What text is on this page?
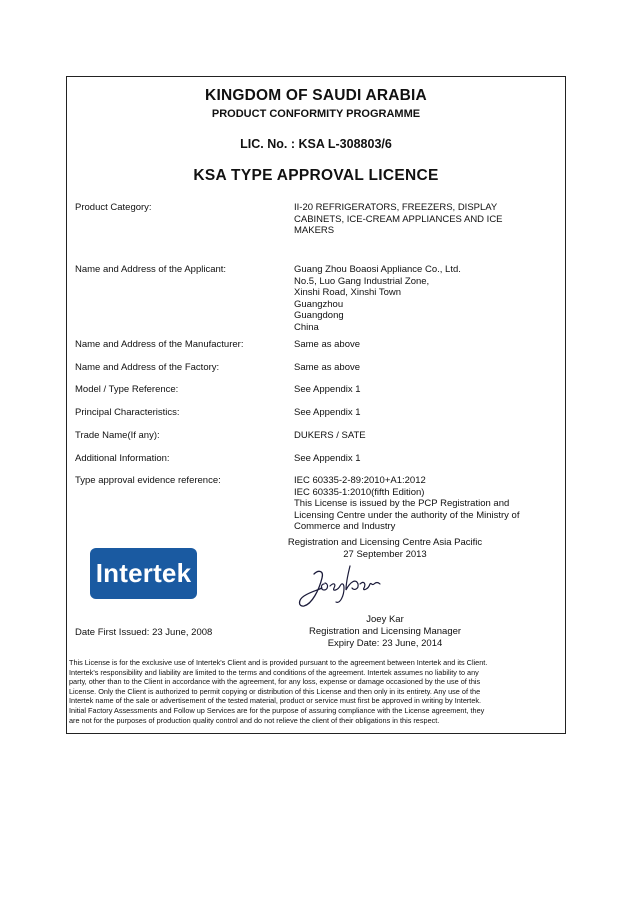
KINGDOM OF SAUDI ARABIA
PRODUCT CONFORMITY PROGRAMME
LIC. No. : KSA L-308803/6
KSA TYPE APPROVAL LICENCE
Product Category:	II-20 REFRIGERATORS, FREEZERS, DISPLAY
CABINETS, ICE-CREAM APPLIANCES AND ICE
MAKERS
Name and Address of the Applicant:	Guang Zhou Boaosi Appliance Co., Ltd.
No.5, Luo Gang Industrial Zone,
Xinshi Road, Xinshi Town
Guangzhou
Guangdong
China
Name and Address of the Manufacturer:	Same as above
Name and Address of the Factory:	Same as above
Model / Type Reference:	See Appendix 1
Principal Characteristics:	See Appendix 1
Trade Name(If any):	DUKERS / SATE
Additional Information:	See Appendix 1
Type approval evidence reference:	IEC 60335-2-89:2010+A1:2012
IEC 60335-1:2010(fifth Edition)
This License is issued by the PCP Registration and
Licensing Centre under the authority of the Ministry of
Commerce and Industry
Registration and Licensing Centre Asia Pacific
27 September 2013
Intertek
Joey Kar
Registration and Licensing Manager
Expiry Date: 23 June, 2014
Date First Issued: 23 June, 2008
This License is for the exclusive use of Intertek's Client and is provided pursuant to the agreement between Intertek and its Client.
Intertek's responsibility and liability are limited to the terms and conditions of the agreement. Intertek assumes no liability to any
party, other than to the Client in accordance with the agreement, for any loss, expense or damage occasioned by the use of this
License. Only the Client is authorized to permit copying or distribution of this License and then only in its entirety. Any use of the
Intertek name of the sale or advertisement of the tested material, product or service must first be approved in writing by Intertek.
Initial Factory Assessments and Follow up Services are for the purpose of assuring compliance with the License agreement, they
are not for the purposes of production quality control and do not relieve the client of their obligations in this respect.
